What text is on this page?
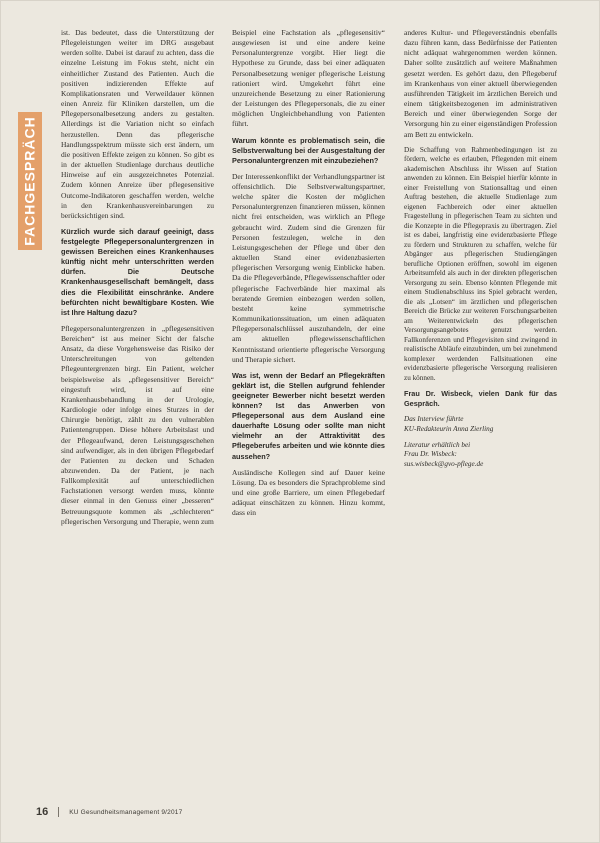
FACHGESPRÄCH

ist. Das bedeutet, dass die Unterstützung der Pflegeleistungen weiter im DRG ausgebaut werden sollte. Dabei ist darauf zu achten, dass die einzelne Leistung im Fokus steht, nicht ein einheitlicher Zustand des Patienten. Auch die positiven indizierenden Effekte auf Komplikationsraten und Verweildauer können einen Anreiz für Kliniken darstellen, um die Pflegepersonalbesetzung anders zu gestalten. Allerdings ist die Variation nicht so einfach herzustellen. Denn das pflegerische Handlungsspektrum müsste sich erst ändern, um die positiven Effekte zeigen zu können. So gibt es in der aktuellen Studienlage durchaus deutliche Hinweise auf ein ausgezeichnetes Potenzial. Zudem können Anreize über pflegesensitive Outcome-Indikatoren geschaffen werden, welche in den Krankenhausvereinbarungen zu berücksichtigen sind.

Kürzlich wurde sich darauf geeinigt, dass festgelegte Pflegepersonaluntergrenzen in gewissen Bereichen eines Krankenhauses künftig nicht mehr unterschritten werden dürfen. Die Deutsche Krankenhausgesellschaft bemängelt, dass dies die Flexibilität einschränke. Andere befürchten nicht bewältigbare Kosten. Wie ist Ihre Haltung dazu?

Pflegepersonaluntergrenzen in „pflegesensitiven Bereichen“ ist aus meiner Sicht der falsche Ansatz, da diese Vorgehensweise das Risiko der Unterschreitungen von geltenden Pflegeuntergrenzen birgt. Ein Patient, welcher beispielsweise als „pflegesensitiver Bereich“ eingestuft wird, ist auf eine Krankenhausbehandlung in der Urologie, Kardiologie oder infolge eines Sturzes in der Chirurgie benötigt, zählt zu den vulnerablen Patientengruppen. Diese höhere Arbeitslast und der Pflegeaufwand, deren Leistungsgeschehen sind aufwendiger, als in den übrigen Pflegebedarf der Patienten zu decken und Schaden abzuwenden. Da der Patient, je nach Fallkomplexität auf unterschiedlichen Fachstationen versorgt werden muss, könnte dieser einmal in den Genuss einer „besseren“ Betreuungsquote kommen als „schlechteren“ pflegerischen Versorgung und Therapie, wenn zum

Beispiel eine Fachstation als „pflegesensitiv“ ausgewiesen ist und eine andere keine Personaluntergrenze vorgibt. Hier liegt die Hypothese zu Grunde, dass bei einer adäquaten Personalbesetzung weniger pflegerische Leistung rationiert wird. Umgekehrt führt eine unzureichende Besetzung zu einer Rationierung der Leistungen des Pflegepersonals, die zu einer möglichen Ungleichbehandlung von Patienten führt.

Warum könnte es problematisch sein, die Selbstverwaltung bei der Ausgestaltung der Personaluntergrenzen mit einzubeziehen?

Der Interessenkonflikt der Verhandlungspartner ist offensichtlich. Die Selbstverwaltungspartner, welche später die Kosten der möglichen Personaluntergrenzen finanzieren müssen, können nicht frei entscheiden, was wirklich an Pflege gebraucht wird. Zudem sind die Grenzen für Personen festzulegen, welche in den Leistungsgeschehen der Pflege und über den aktuellen Stand einer evidenzbasierten pflegerischen Versorgung wenig Einblicke haben. Da die Pflegeverbände, Pflegewissenschaftler oder pflegerische Fachverbände hier maximal als beratende Gremien einbezogen werden sollen, besteht keine symmetrische Kommunikationssituation, um einen adäquaten Pflegepersonalschlüssel auszuhandeln, der eine am aktuellen pflegewissenschaftlichen Kenntnisstand orientierte pflegerische Versorgung und Therapie sichert.

Was ist, wenn der Bedarf an Pflegekräften geklärt ist, die Stellen aufgrund fehlender geeigneter Bewerber nicht besetzt werden können? Ist das Anwerben von Pflegepersonal aus dem Ausland eine dauerhafte Lösung oder sollte man nicht vielmehr an der Attraktivität des Pflegeberufes arbeiten und wie könnte dies aussehen?

Ausländische Kollegen sind auf Dauer keine Lösung. Da es besonders die Sprachprobleme sind und eine große Barriere, um einen Pflegebedarf adäquat einschätzen zu können. Hinzu kommt, dass ein

anderes Kultur- und Pflegeverständnis ebenfalls dazu führen kann, dass Bedürfnisse der Patienten nicht adäquat wahrgenommen werden können. Daher sollte zusätzlich auf weitere Maßnahmen gesetzt werden. Es gehört dazu, den Pflegeberuf im Krankenhaus von einer aktuell überwiegenden ausführenden Tätigkeit im ärztlichen Bereich und einem tätigkeitsbezogenen im administrativen Bereich und einer überwiegenden Sorge der Versorgung hin zu einer eigenständigen Profession am Bett zu entwickeln.

Die Schaffung von Rahmenbedingungen ist zu fördern, welche es erlauben, Pflegenden mit einem akademischen Abschluss ihr Wissen auf Station anwenden zu können. Ein Beispiel hierfür könnte in einer Freistellung von Stationsalltag und einen Auftrag bestehen, die aktuelle Studienlage zum eigenen Fachbereich oder einer aktuellen Fragestellung in pflegerischen Team zu sichten und die Konzepte in die Pflegepraxis zu übertragen. Ziel ist es dabei, langfristig eine evidenzbasierte Pflege zu fördern und Strukturen zu schaffen, welche für Abgänger aus pflegerischen Studiengängen berufliche Optionen eröffnen, sowohl im eigenen Arbeitsumfeld als auch in der direkten pflegerischen Versorgung zu sein. Ebenso könnten Pflegende mit einem Studienabschluss ins Spiel gebracht werden, die als „Lotsen“ im ärztlichen und pflegerischen Bereich die Brücke zur weiteren Forschungsarbeiten am Weiterentwickeln des pflegerischen Versorgungsangebotes genutzt werden. Fallkonferenzen und Pflegevisiten sind zwingend in realistische Abläufe einzubinden, um bei zunehmend komplexer werdenden Fallsituationen eine evidenzbasierte pflegerische Versorgung realisieren zu können.

Frau Dr. Wisbeck, vielen Dank für das Gespräch.

Das Interview führte
KU-Redakteurin Anna Zierling

Literatur erhältlich bei
Frau Dr. Wisbeck:
sus.wisbeck@gvo-pflege.de

16	KU Gesundheitsmanagement 9/2017
